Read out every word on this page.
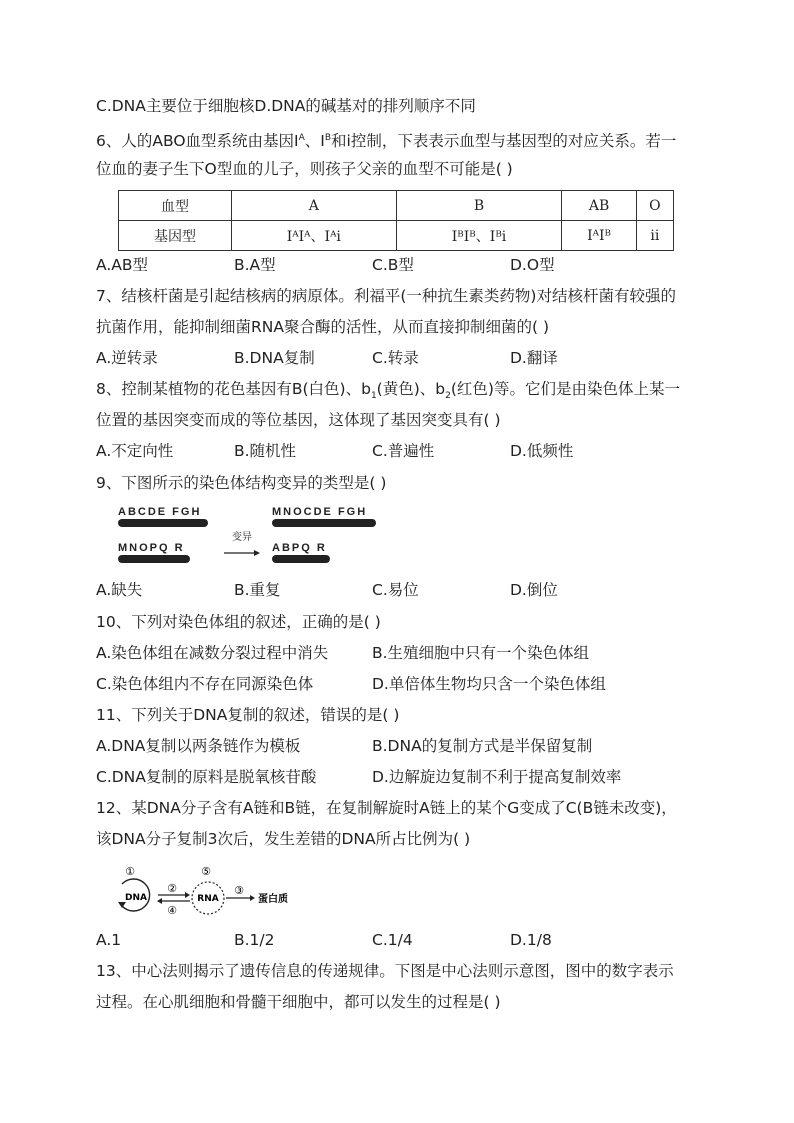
C.DNA主要位于细胞核D.DNA的碱基对的排列顺序不同
6、人的ABO血型系统由基因$I^A$、$I^B$和i控制，下表表示血型与基因型的对应关系。若一
位血的妻子生下O型血的儿子，则孩子父亲的血型不可能是( )
血型	A	B	AB	O
基因型	IᴬIᴬ、Iᴬi	IᴮIᴮ、Iᴮi	IᴬIᴮ	ii
A.AB型	B.A型	C.B型	D.O型
7、结核杆菌是引起结核病的病原体。利福平(一种抗生素类药物)对结核杆菌有较强的
抗菌作用，能抑制细菌RNA聚合酶的活性，从而直接抑制细菌的( )
A.逆转录	B.DNA复制	C.转录	D.翻译
8、控制某植物的花色基因有B(白色)、$b_1$(黄色)、$b_2$(红色)等。它们是由染色体上某一
位置的基因突变而成的等位基因，这体现了基因突变具有( )
A.不定向性	B.随机性	C.普遍性	D.低频性
9、下图所示的染色体结构变异的类型是( )
ABCDE FGH
MNOPQ R
变异
MNOCDE FGH
ABPQ R
A.缺失	B.重复	C.易位	D.倒位
10、下列对染色体组的叙述，正确的是( )
A.染色体组在减数分裂过程中消失	B.生殖细胞中只有一个染色体组
C.染色体组内不存在同源染色体	D.单倍体生物均只含一个染色体组
11、下列关于DNA复制的叙述，错误的是( )
A.DNA复制以两条链作为模板	B.DNA的复制方式是半保留复制
C.DNA复制的原料是脱氧核苷酸	D.边解旋边复制不利于提高复制效率
12、某DNA分子含有A链和B链，在复制解旋时A链上的某个G变成了C(B链未改变)，
该DNA分子复制3次后，发生差错的DNA所占比例为( )
①
②
④
⑤
③
DNA	RNA	蛋白质
A.1	B.1/2	C.1/4	D.1/8
13、中心法则揭示了遗传信息的传递规律。下图是中心法则示意图，图中的数字表示
过程。在心肌细胞和骨髓干细胞中，都可以发生的过程是( )
